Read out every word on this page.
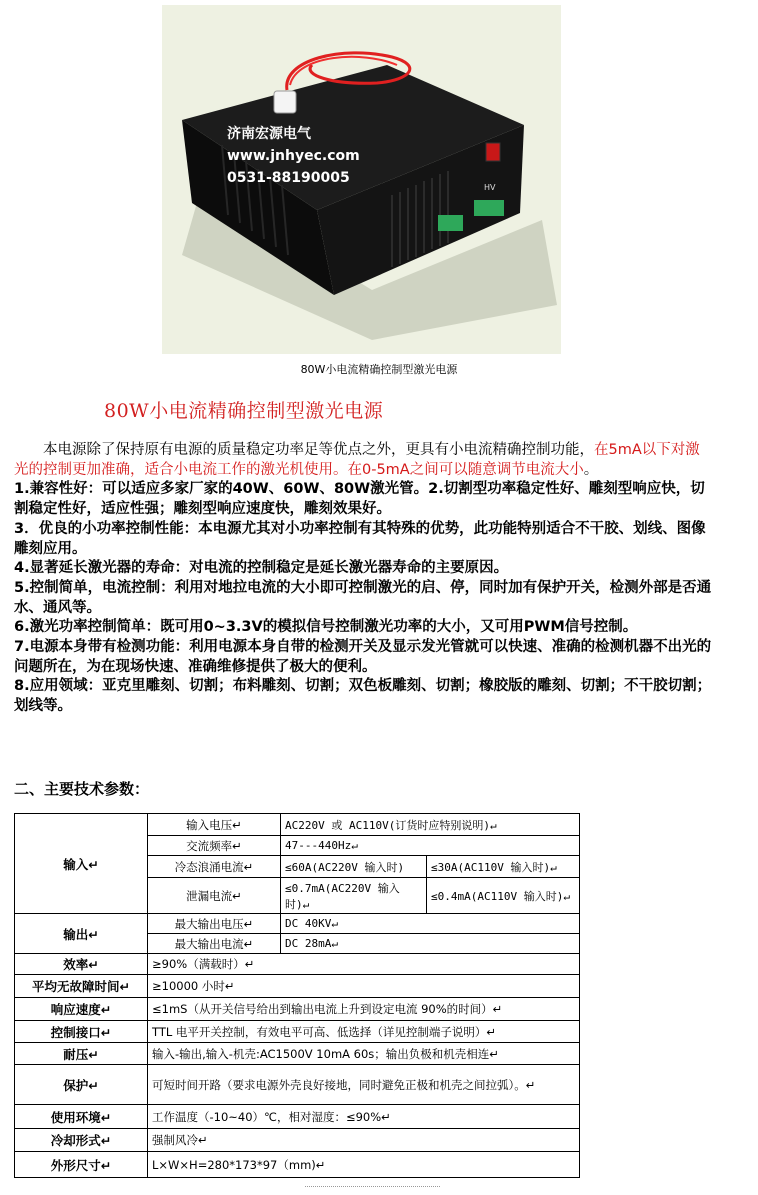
HV
济南宏源电气
www.jnhyec.com
0531-88190005
80W小电流精确控制型激光电源
80W小电流精确控制型激光电源

本电源除了保持原有电源的质量稳定功率足等优点之外，更具有小电流精确控制功能，在5mA以下对激光的控制更加准确，适合小电流工作的激光机使用。在0-5mA之间可以随意调节电流大小。

1.兼容性好：可以适应多家厂家的40W、60W、80W激光管。2.切割型功率稳定性好、雕刻型响应快，切割稳定性好，适应性强；雕刻型响应速度快，雕刻效果好。

3．优良的小功率控制性能：本电源尤其对小功率控制有其特殊的优势，此功能特别适合不干胶、划线、图像雕刻应用。

4.显著延长激光器的寿命：对电流的控制稳定是延长激光器寿命的主要原因。

5.控制简单，电流控制：利用对地拉电流的大小即可控制激光的启、停，同时加有保护开关，检测外部是否通水、通风等。

6.激光功率控制简单：既可用0~3.3V的模拟信号控制激光功率的大小，又可用PWM信号控制。

7.电源本身带有检测功能：利用电源本身自带的检测开关及显示发光管就可以快速、准确的检测机器不出光的问题所在，为在现场快速、准确维修提供了极大的便利。

8.应用领域：亚克里雕刻、切割；布料雕刻、切割；双色板雕刻、切割；橡胶版的雕刻、切割；不干胶切割；划线等。

二、主要技术参数：
输入↵	输入电压↵	AC220V 或 AC110V(订货时应特别说明)↵	
	交流频率↵	47---440Hz↵	
	冷态浪涌电流↵	≤60A(AC220V 输入时)	≤30A(AC110V 输入时)↵
	泄漏电流↵	≤0.7mA(AC220V 输入时)↵	≤0.4mA(AC110V 输入时)↵
输出↵	最大输出电压↵	DC 40KV↵	
	最大输出电流↵	DC 28mA↵	
效率↵	≥90%（满载时）↵		
平均无故障时间↵	≥10000 小时↵		
响应速度↵	≤1mS（从开关信号给出到输出电流上升到设定电流 90%的时间）↵		
控制接口↵	TTL 电平开关控制，有效电平可高、低选择（详见控制端子说明）↵		
耐压↵	输入-输出,输入-机壳:AC1500V 10mA 60s；输出负极和机壳相连↵		
保护↵	可短时间开路（要求电源外壳良好接地，同时避免正极和机壳之间拉弧）。↵		
使用环境↵	工作温度（-10~40）℃，相对湿度：≤90%↵		
冷却形式↵	强制风冷↵		
外形尺寸↵	L×W×H=280*173*97（mm)↵		
